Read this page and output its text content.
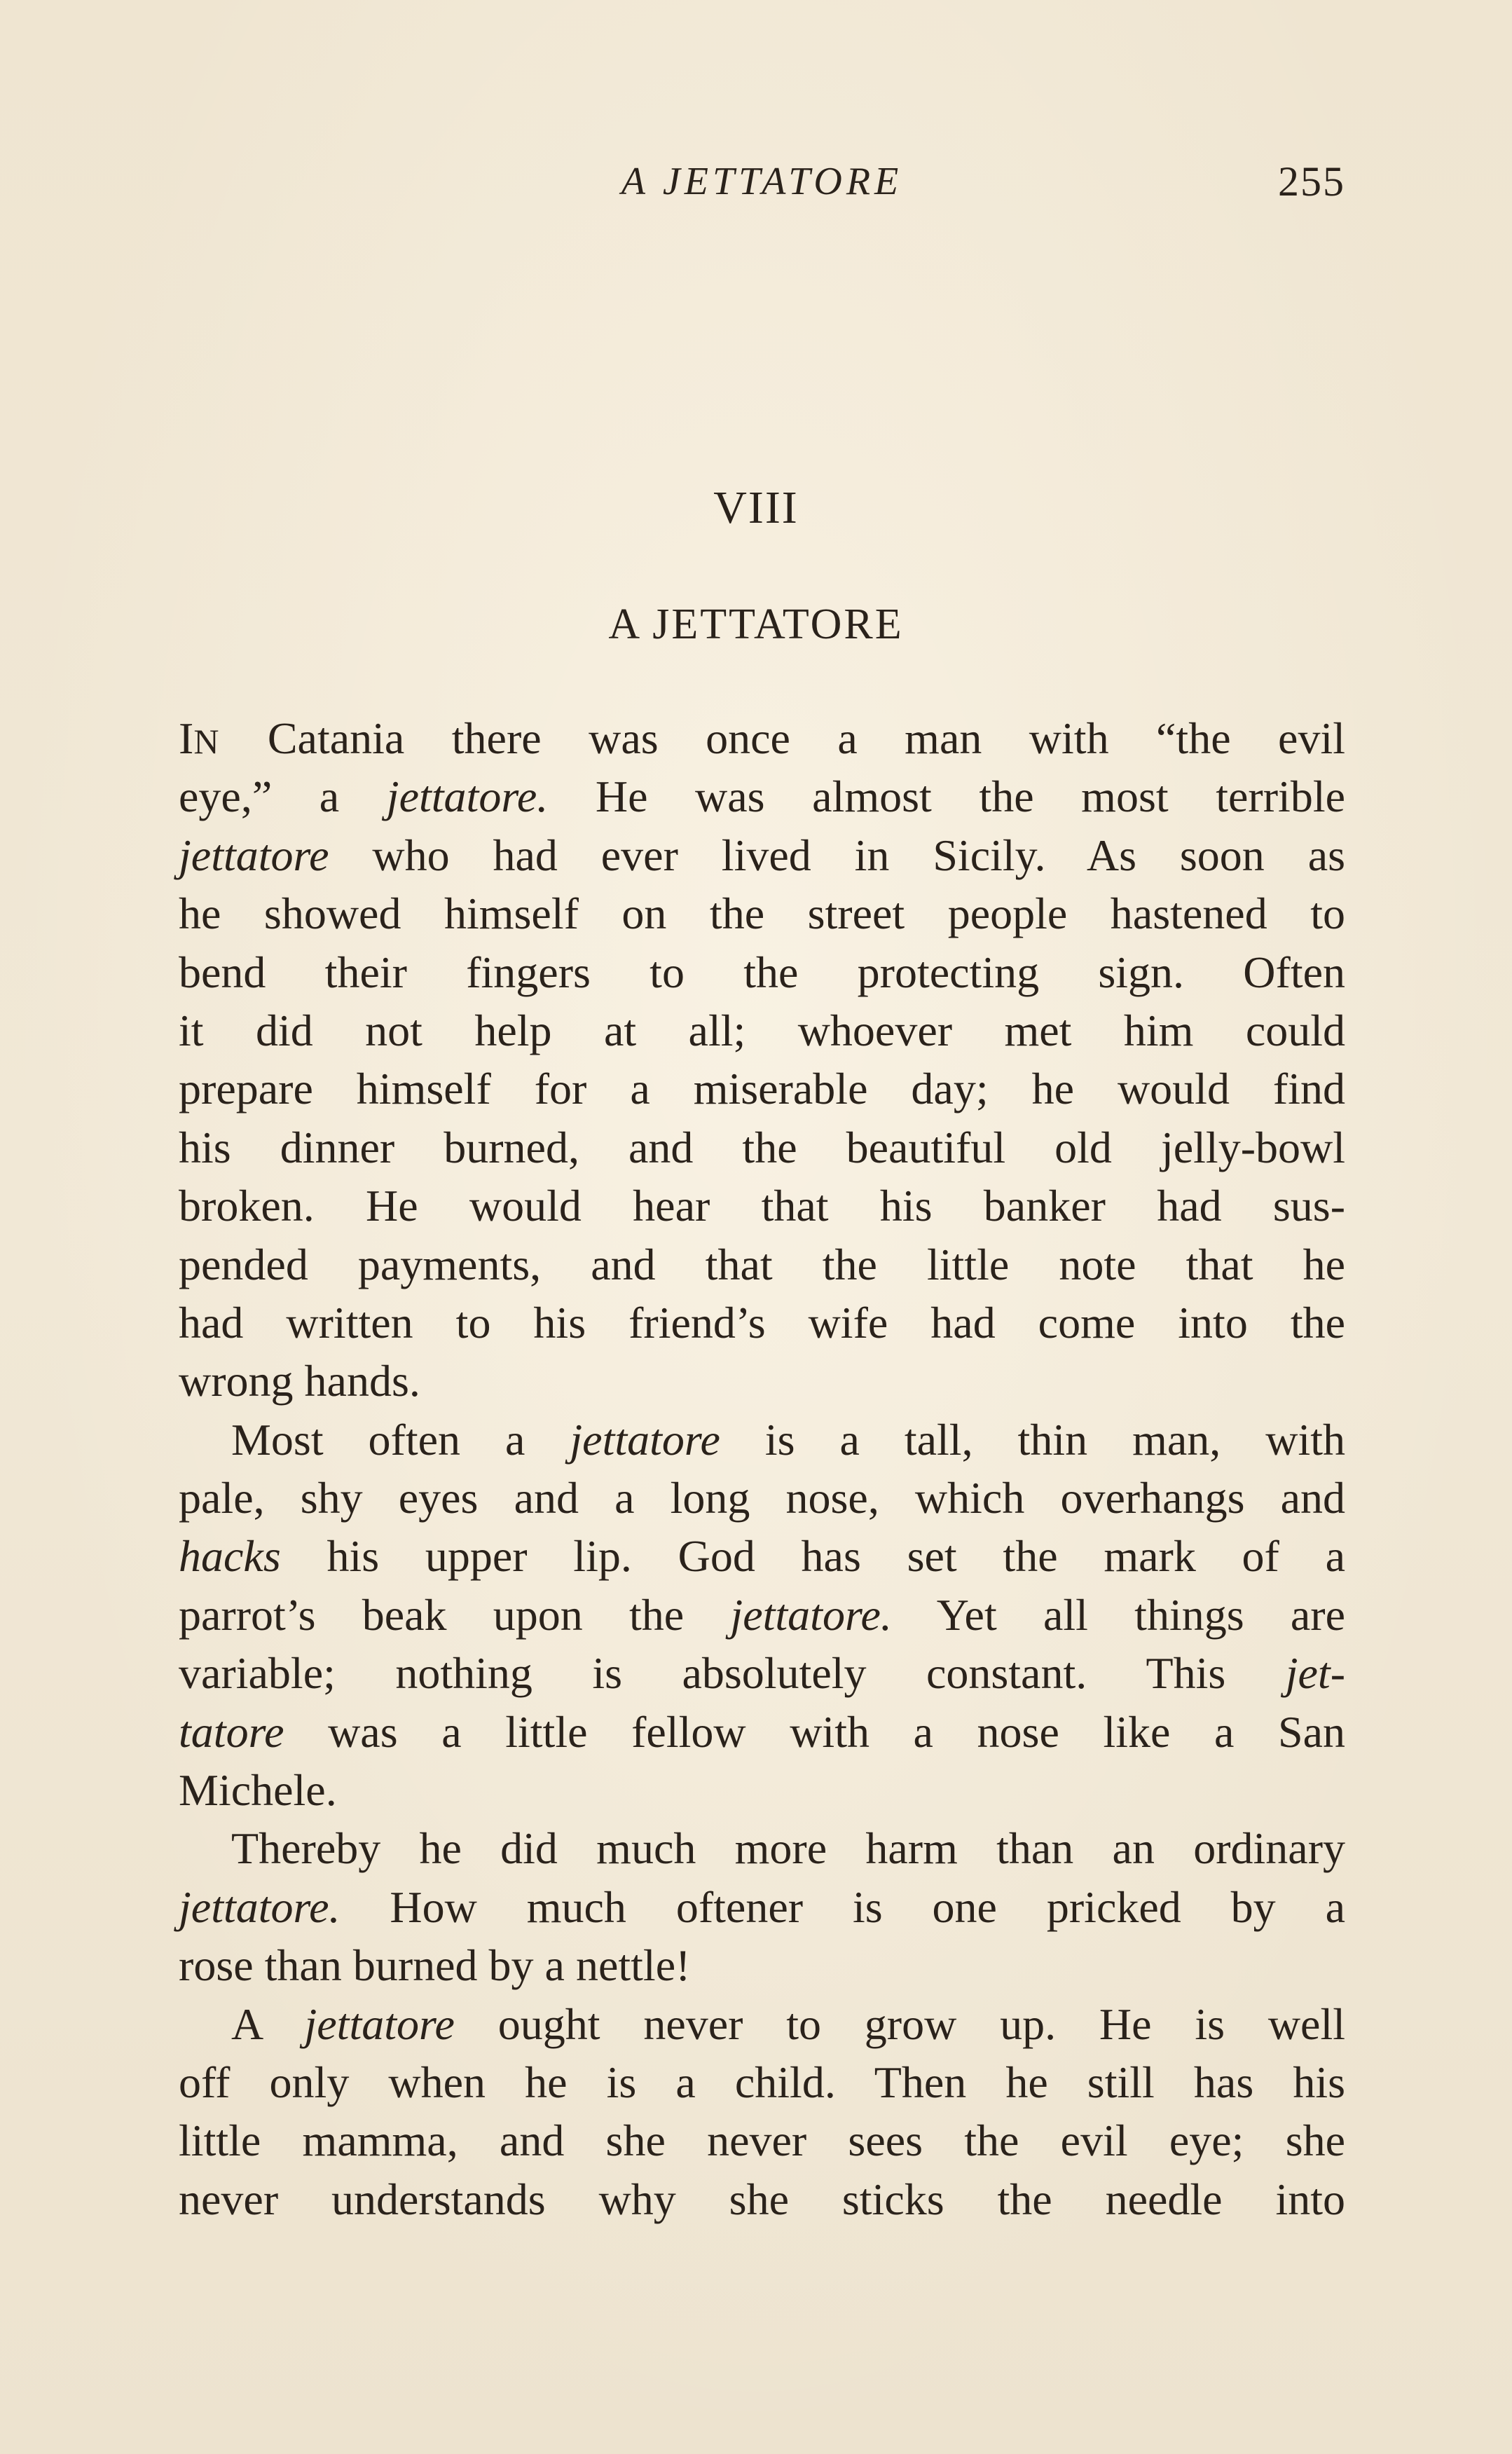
A JETTATORE	255
VIII
A JETTATORE
IN Catania there was once a man with “the evil
eye,” a jettatore. He was almost the most terrible
jettatore who had ever lived in Sicily. As soon as
he showed himself on the street people hastened to
bend their fingers to the protecting sign. Often
it did not help at all; whoever met him could
prepare himself for a miserable day; he would find
his dinner burned, and the beautiful old jelly-bowl
broken. He would hear that his banker had sus-
pended payments, and that the little note that he
had written to his friend’s wife had come into the
wrong hands.
Most often a jettatore is a tall, thin man, with
pale, shy eyes and a long nose, which overhangs and
hacks his upper lip. God has set the mark of a
parrot’s beak upon the jettatore. Yet all things are
variable; nothing is absolutely constant. This jet-
tatore was a little fellow with a nose like a San
Michele.
Thereby he did much more harm than an ordinary
jettatore. How much oftener is one pricked by a
rose than burned by a nettle!
A jettatore ought never to grow up. He is well
off only when he is a child. Then he still has his
little mamma, and she never sees the evil eye; she
never understands why she sticks the needle into
